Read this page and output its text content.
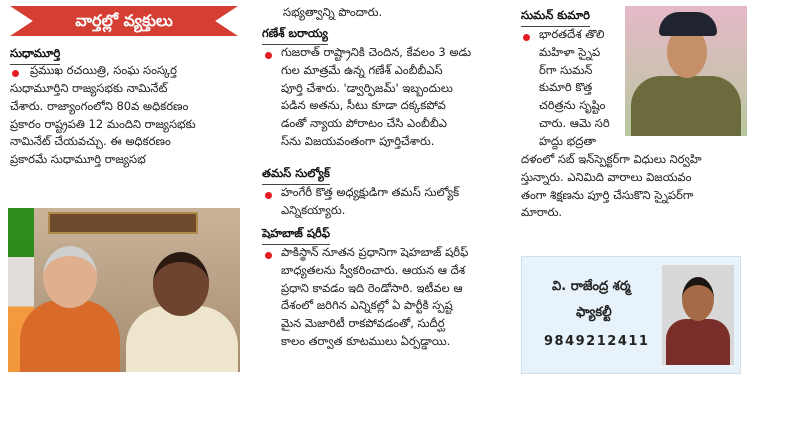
వార్తల్లో వ్యక్తులు
సుధామూర్తి
ప్రముఖ రచయిత్రి, సంఘ సంస్కర్త
సుధామూర్తిని రాజ్యసభకు నామినేట్
చేశారు. రాజ్యాంగంలోని 80వ అధికరణం
ప్రకారం రాష్ట్రపతి 12 మందిని రాజ్యసభకు
నామినేట్ చేయవచ్చు. ఈ అధికరణం
ప్రకారమే సుధామూర్తి రాజ్యసభ
సభ్యత్వాన్ని పొందారు.
గణేశ్ బరాయ్య
గుజరాత్ రాష్ట్రానికి చెందిన, కేవలం 3 అడు
గుల మాత్రమే ఉన్న గణేశ్ ఎంబీబీఎస్
పూర్తి చేశారు. 'డ్వార్ఫిజమ్' ఇబ్బందులు
పడిన అతను, సీటు కూడా దక్కకపోవ
డంతో న్యాయ పోరాటం చేసి ఎంబీబీఎ
స్‌ను విజయవంతంగా పూర్తిచేశారు.
తమస్ సుల్యోక్
హంగేరీ కొత్త అధ్యక్షుడిగా తమస్ సుల్యోక్
ఎన్నికయ్యారు.
షెహబాజ్ షరీఫ్
పాకిస్థాన్ నూతన ప్రధానిగా షెహబాజ్ షరీఫ్
బాధ్యతలను స్వీకరించారు. ఆయన ఆ దేశ
ప్రధాని కావడం ఇది రెండోసారి. ఇటీవల ఆ
దేశంలో జరిగిన ఎన్నికల్లో ఏ పార్టీకి స్పష్ట
మైన మెజారిటీ రాకపోవడంతో, సుదీర్ఘ
కాలం తర్వాత కూటములు ఏర్పడ్డాయి.
సుమన్ కుమారి
భారతదేశ తొలి
మహిళా స్నైప
ర్‌గా సుమన్
కుమారి కొత్త
చరిత్రను సృష్టిం
చారు. ఆమె సరి
హద్దు భద్రతా
దళంలో సబ్ ఇన్‌స్పెక్టర్‌గా విధులు నిర్వహి
స్తున్నారు. ఎనిమిది వారాలు విజయవం
తంగా శిక్షణను పూర్తి చేసుకొని స్నైపర్‌గా
మారారు.
వి. రాజేంద్ర శర్మ
ఫ్యాకల్టీ
9849212411
